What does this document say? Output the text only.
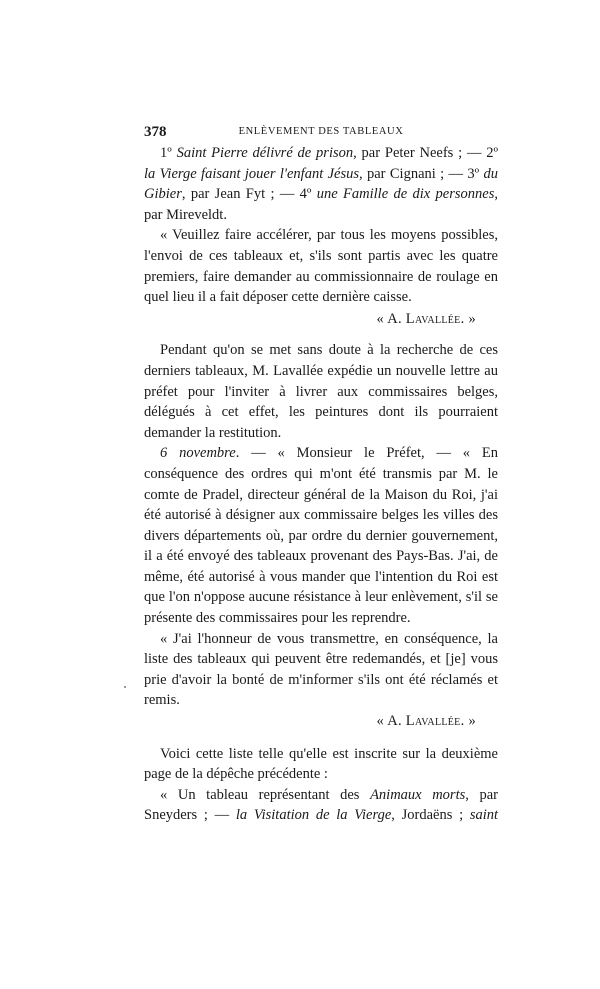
378	ENLÈVEMENT DES TABLEAUX

1º Saint Pierre délivré de prison, par Peter Neefs ; — 2º la Vierge faisant jouer l'enfant Jésus, par Cignani ; — 3º du Gibier, par Jean Fyt ; — 4º une Famille de dix personnes, par Mireveldt.

« Veuillez faire accélérer, par tous les moyens possibles, l'envoi de ces tableaux et, s'ils sont partis avec les quatre premiers, faire demander au commissionnaire de roulage en quel lieu il a fait déposer cette dernière caisse.

« A. Lavallée. »

Pendant qu'on se met sans doute à la recherche de ces derniers tableaux, M. Lavallée expédie un nouvelle lettre au préfet pour l'inviter à livrer aux commissaires belges, délégués à cet effet, les peintures dont ils pourraient demander la restitution.

6 novembre. — « Monsieur le Préfet, — « En conséquence des ordres qui m'ont été transmis par M. le comte de Pradel, directeur général de la Maison du Roi, j'ai été autorisé à désigner aux commissaire belges les villes des divers départements où, par ordre du dernier gouvernement, il a été envoyé des tableaux provenant des Pays-Bas. J'ai, de même, été autorisé à vous mander que l'intention du Roi est que l'on n'oppose aucune résistance à leur enlèvement, s'il se présente des commissaires pour les reprendre.

« J'ai l'honneur de vous transmettre, en conséquence, la liste des tableaux qui peuvent être redemandés, et [je] vous prie d'avoir la bonté de m'informer s'ils ont été réclamés et remis.

« A. Lavallée. »

Voici cette liste telle qu'elle est inscrite sur la deuxième page de la dépêche précédente :

« Un tableau représentant des Animaux morts, par Sneyders ; — la Visitation de la Vierge, Jordaëns ; saint
